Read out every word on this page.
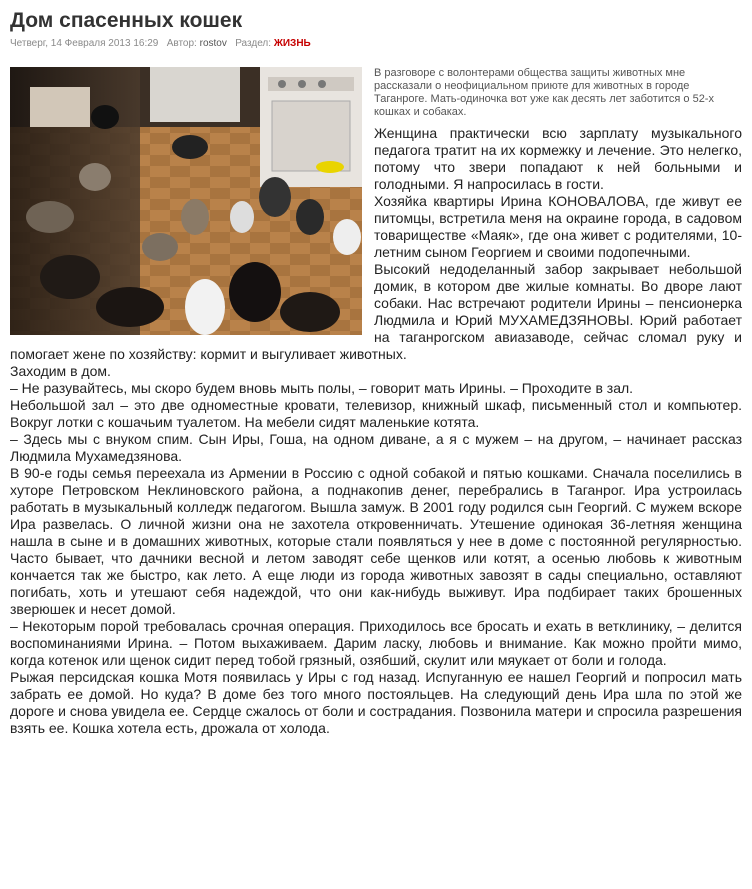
Дом спасенных кошек
Четверг, 14 Февраля 2013 16:29 Автор: rostov Раздел: ЖИЗНЬ
В разговоре с волонтерами общества защиты животных мне рассказали о неофициальном приюте для животных в городе Таганроге. Мать-одиночка вот уже как десять лет заботится о 52-х кошках и собаках.

Женщина практически всю зарплату музыкального педагога тратит на их кормежку и лечение. Это нелегко, потому что звери попадают к ней больными и голодными. Я напросилась в гости.

Хозяйка квартиры Ирина КОНОВАЛОВА, где живут ее питомцы, встретила меня на окраине города, в садовом товариществе «Маяк», где она живет с родителями, 10-летним сыном Георгием и своими подопечными.

Высокий недоделанный забор закрывает небольшой домик, в котором две жилые комнаты. Во дворе лают собаки. Нас встречают родители Ирины – пенсионерка Людмила и Юрий МУХАМЕДЗЯНОВЫ. Юрий работает на таганрогском авиазаводе, сейчас сломал руку и помогает жене по хозяйству: кормит и выгуливает животных.

Заходим в дом.

– Не разувайтесь, мы скоро будем вновь мыть полы, – говорит мать Ирины. – Проходите в зал.

Небольшой зал – это две одноместные кровати, телевизор, книжный шкаф, письменный стол и компьютер. Вокруг лотки с кошачьим туалетом. На мебели сидят маленькие котята.

– Здесь мы с внуком спим. Сын Иры, Гоша, на одном диване, а я с мужем – на другом, – начинает рассказ Людмила Мухамедзянова.

В 90-е годы семья переехала из Армении в Россию с одной собакой и пятью кошками. Сначала поселились в хуторе Петровском Неклиновского района, а поднакопив денег, перебрались в Таганрог. Ира устроилась работать в музыкальный колледж педагогом. Вышла замуж. В 2001 году родился сын Георгий. С мужем вскоре Ира развелась. О личной жизни она не захотела откровенничать. Утешение одинокая 36-летняя женщина нашла в сыне и в домашних животных, которые стали появляться у нее в доме с постоянной регулярностью. Часто бывает, что дачники весной и летом заводят себе щенков или котят, а осенью любовь к животным кончается так же быстро, как лето. А еще люди из города животных завозят в сады специально, оставляют погибать, хоть и утешают себя надеждой, что они как-нибудь выживут. Ира подбирает таких брошенных зверюшек и несет домой.

– Некоторым порой требовалась срочная операция. Приходилось все бросать и ехать в ветклинику, – делится воспоминаниями Ирина. – Потом выхаживаем. Дарим ласку, любовь и внимание. Как можно пройти мимо, когда котенок или щенок сидит перед тобой грязный, озябший, скулит или мяукает от боли и голода.

Рыжая персидская кошка Мотя появилась у Иры с год назад. Испуганную ее нашел Георгий и попросил мать забрать ее домой. Но куда? В доме без того много постояльцев. На следующий день Ира шла по этой же дороге и снова увидела ее. Сердце сжалось от боли и сострадания. Позвонила матери и спросила разрешения взять ее. Кошка хотела есть, дрожала от холода.
